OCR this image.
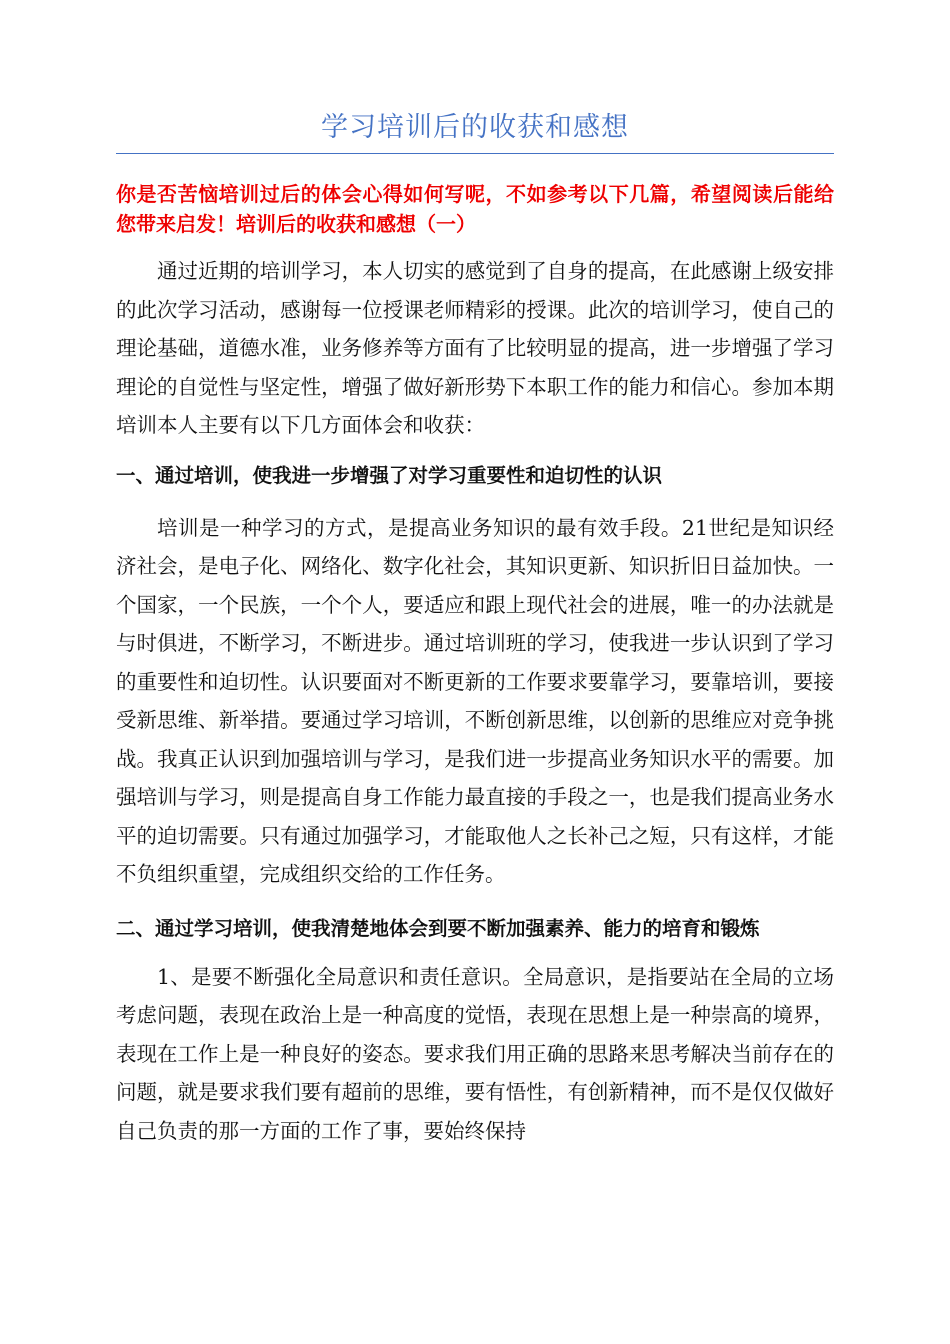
学习培训后的收获和感想
你是否苦恼培训过后的体会心得如何写呢，不如参考以下几篇，希望阅读后能给您带来启发！培训后的收获和感想（一）

通过近期的培训学习，本人切实的感觉到了自身的提高，在此感谢上级安排的此次学习活动，感谢每一位授课老师精彩的授课。此次的培训学习，使自己的理论基础，道德水准，业务修养等方面有了比较明显的提高，进一步增强了学习理论的自觉性与坚定性，增强了做好新形势下本职工作的能力和信心。参加本期培训本人主要有以下几方面体会和收获：

一、通过培训，使我进一步增强了对学习重要性和迫切性的认识

培训是一种学习的方式，是提高业务知识的最有效手段。21世纪是知识经济社会，是电子化、网络化、数字化社会，其知识更新、知识折旧日益加快。一个国家，一个民族，一个个人，要适应和跟上现代社会的进展，唯一的办法就是与时俱进，不断学习，不断进步。通过培训班的学习，使我进一步认识到了学习的重要性和迫切性。认识要面对不断更新的工作要求要靠学习，要靠培训，要接受新思维、新举措。要通过学习培训，不断创新思维，以创新的思维应对竞争挑战。我真正认识到加强培训与学习，是我们进一步提高业务知识水平的需要。加强培训与学习，则是提高自身工作能力最直接的手段之一，也是我们提高业务水平的迫切需要。只有通过加强学习，才能取他人之长补己之短，只有这样，才能不负组织重望，完成组织交给的工作任务。

二、通过学习培训，使我清楚地体会到要不断加强素养、能力的培育和锻炼

1、是要不断强化全局意识和责任意识。全局意识，是指要站在全局的立场考虑问题，表现在政治上是一种高度的觉悟，表现在思想上是一种崇高的境界，表现在工作上是一种良好的姿态。要求我们用正确的思路来思考解决当前存在的问题，就是要求我们要有超前的思维，要有悟性，有创新精神，而不是仅仅做好自己负责的那一方面的工作了事，要始终保持
